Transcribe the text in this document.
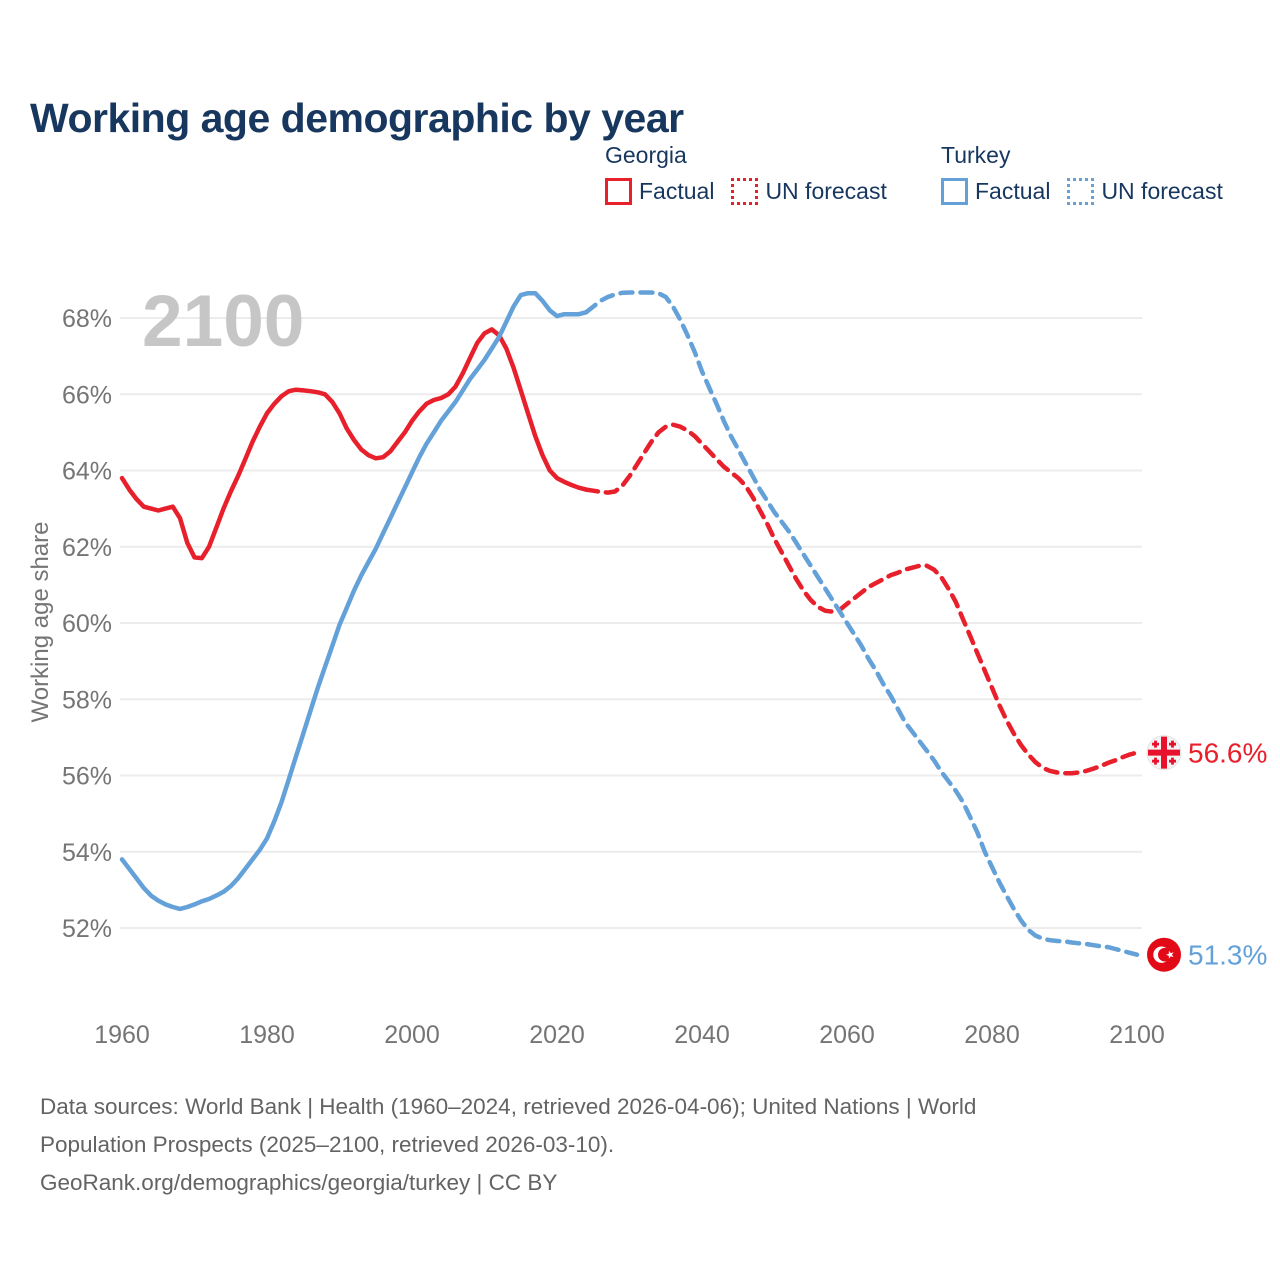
Working age demographic by year
Georgia
Factual UN forecast
Turkey
Factual UN forecast
2100
52%
54%
56%
58%
60%
62%
64%
66%
68%
1960	1980	2000	2020	2040	2060	2080	2100
Working age share
56.6%
51.3%
Data sources: World Bank | Health (1960–2024, retrieved 2026-04-06); United Nations | World
Population Prospects (2025–2100, retrieved 2026-03-10).
GeoRank.org/demographics/georgia/turkey | CC BY
